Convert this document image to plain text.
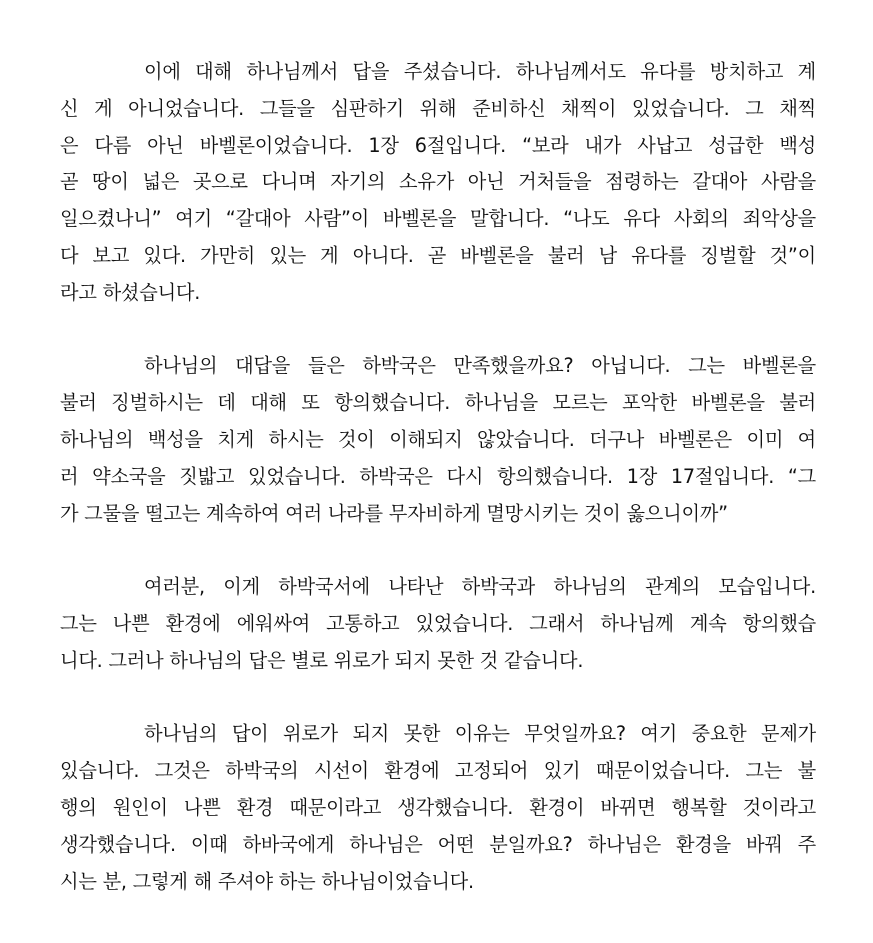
이에 대해 하나님께서 답을 주셨습니다. 하나님께서도 유다를 방치하고 계
신 게 아니었습니다. 그들을 심판하기 위해 준비하신 채찍이 있었습니다. 그 채찍
은 다름 아닌 바벨론이었습니다. 1장 6절입니다. “보라 내가 사납고 성급한 백성
곧 땅이 넓은 곳으로 다니며 자기의 소유가 아닌 거처들을 점령하는 갈대아 사람을
일으켰나니” 여기 “갈대아 사람”이 바벨론을 말합니다. “나도 유다 사회의 죄악상을
다 보고 있다. 가만히 있는 게 아니다. 곧 바벨론을 불러 남 유다를 징벌할 것”이
라고 하셨습니다.

하나님의 대답을 들은 하박국은 만족했을까요? 아닙니다. 그는 바벨론을
불러 징벌하시는 데 대해 또 항의했습니다. 하나님을 모르는 포악한 바벨론을 불러
하나님의 백성을 치게 하시는 것이 이해되지 않았습니다. 더구나 바벨론은 이미 여
러 약소국을 짓밟고 있었습니다. 하박국은 다시 항의했습니다. 1장 17절입니다. “그
가 그물을 떨고는 계속하여 여러 나라를 무자비하게 멸망시키는 것이 옳으니이까”

여러분, 이게 하박국서에 나타난 하박국과 하나님의 관계의 모습입니다.
그는 나쁜 환경에 에워싸여 고통하고 있었습니다. 그래서 하나님께 계속 항의했습
니다. 그러나 하나님의 답은 별로 위로가 되지 못한 것 같습니다.

하나님의 답이 위로가 되지 못한 이유는 무엇일까요? 여기 중요한 문제가
있습니다. 그것은 하박국의 시선이 환경에 고정되어 있기 때문이었습니다. 그는 불
행의 원인이 나쁜 환경 때문이라고 생각했습니다. 환경이 바뀌면 행복할 것이라고
생각했습니다. 이때 하바국에게 하나님은 어떤 분일까요? 하나님은 환경을 바꿔 주
시는 분, 그렇게 해 주셔야 하는 하나님이었습니다.
